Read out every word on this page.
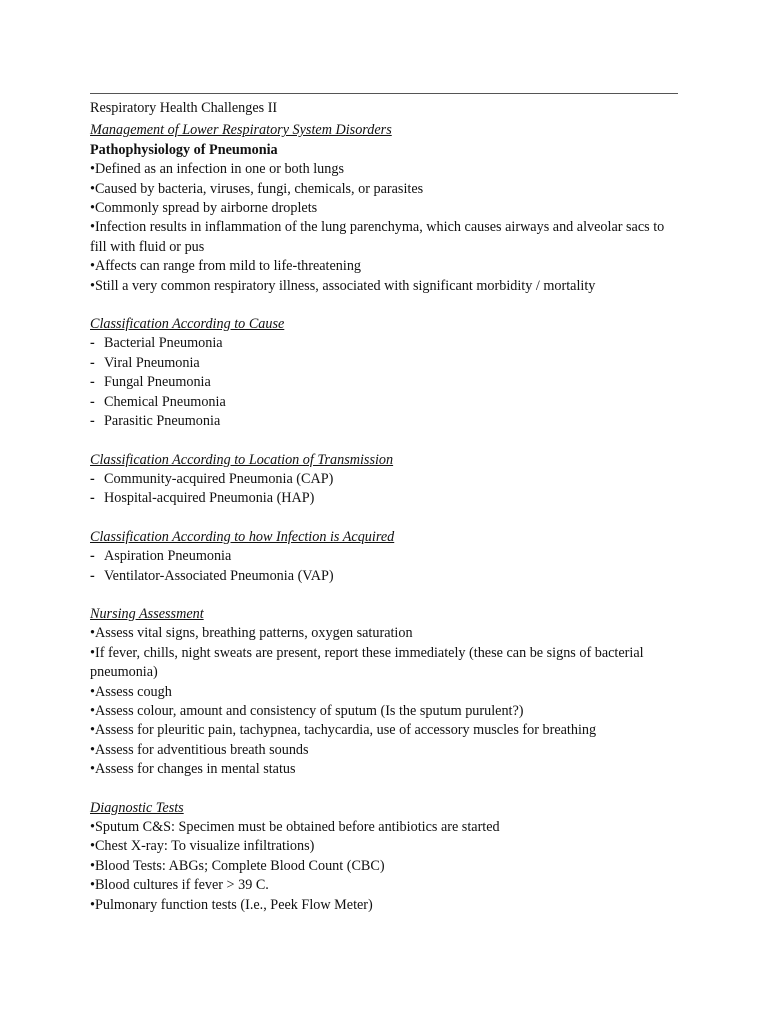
Respiratory Health Challenges II

Management of Lower Respiratory System Disorders

Pathophysiology of Pneumonia

•Defined as an infection in one or both lungs
•Caused by bacteria, viruses, fungi, chemicals, or parasites
•Commonly spread by airborne droplets
•Infection results in inflammation of the lung parenchyma, which causes airways and alveolar sacs to fill with fluid or pus
•Affects can range from mild to life-threatening
•Still a very common respiratory illness, associated with significant morbidity / mortality

Classification According to Cause

- Bacterial Pneumonia
- Viral Pneumonia
- Fungal Pneumonia
- Chemical Pneumonia
- Parasitic Pneumonia

Classification According to Location of Transmission

- Community-acquired Pneumonia (CAP)
- Hospital-acquired Pneumonia (HAP)

Classification According to how Infection is Acquired

- Aspiration Pneumonia
- Ventilator-Associated Pneumonia (VAP)

Nursing Assessment

•Assess vital signs, breathing patterns, oxygen saturation
•If fever, chills, night sweats are present, report these immediately (these can be signs of bacterial pneumonia)
•Assess cough
•Assess colour, amount and consistency of sputum (Is the sputum purulent?)
•Assess for pleuritic pain, tachypnea, tachycardia, use of accessory muscles for breathing
•Assess for adventitious breath sounds
•Assess for changes in mental status

Diagnostic Tests

•Sputum C&S: Specimen must be obtained before antibiotics are started
•Chest X-ray: To visualize infiltrations)
•Blood Tests: ABGs; Complete Blood Count (CBC)
•Blood cultures if fever > 39 C.
•Pulmonary function tests (I.e., Peek Flow Meter)
